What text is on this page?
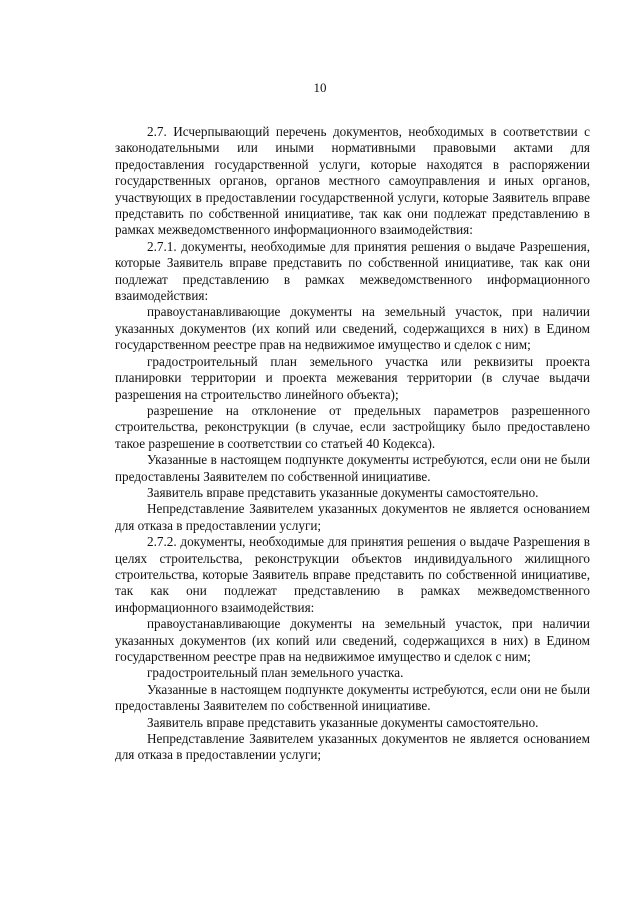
10

2.7. Исчерпывающий перечень документов, необходимых в соответствии с законодательными или иными нормативными правовыми актами для предоставления государственной услуги, которые находятся в распоряжении государственных органов, органов местного самоуправления и иных органов, участвующих в предоставлении государственной услуги, которые Заявитель вправе представить по собственной инициативе, так как они подлежат представлению в рамках межведомственного информационного взаимодействия:

2.7.1. документы, необходимые для принятия решения о выдаче Разрешения, которые Заявитель вправе представить по собственной инициативе, так как они подлежат представлению в рамках межведомственного информационного взаимодействия:

правоустанавливающие документы на земельный участок, при наличии указанных документов (их копий или сведений, содержащихся в них) в Едином государственном реестре прав на недвижимое имущество и сделок с ним;

градостроительный план земельного участка или реквизиты проекта планировки территории и проекта межевания территории (в случае выдачи разрешения на строительство линейного объекта);

разрешение на отклонение от предельных параметров разрешенного строительства, реконструкции (в случае, если застройщику было предоставлено такое разрешение в соответствии со статьей 40 Кодекса).

Указанные в настоящем подпункте документы истребуются, если они не были предоставлены Заявителем по собственной инициативе.

Заявитель вправе представить указанные документы самостоятельно.

Непредставление Заявителем указанных документов не является основанием для отказа в предоставлении услуги;

2.7.2. документы, необходимые для принятия решения о выдаче Разрешения в целях строительства, реконструкции объектов индивидуального жилищного строительства, которые Заявитель вправе представить по собственной инициативе, так как они подлежат представлению в рамках межведомственного информационного взаимодействия:

правоустанавливающие документы на земельный участок, при наличии указанных документов (их копий или сведений, содержащихся в них) в Едином государственном реестре прав на недвижимое имущество и сделок с ним;

градостроительный план земельного участка.

Указанные в настоящем подпункте документы истребуются, если они не были предоставлены Заявителем по собственной инициативе.

Заявитель вправе представить указанные документы самостоятельно.

Непредставление Заявителем указанных документов не является основанием для отказа в предоставлении услуги;
